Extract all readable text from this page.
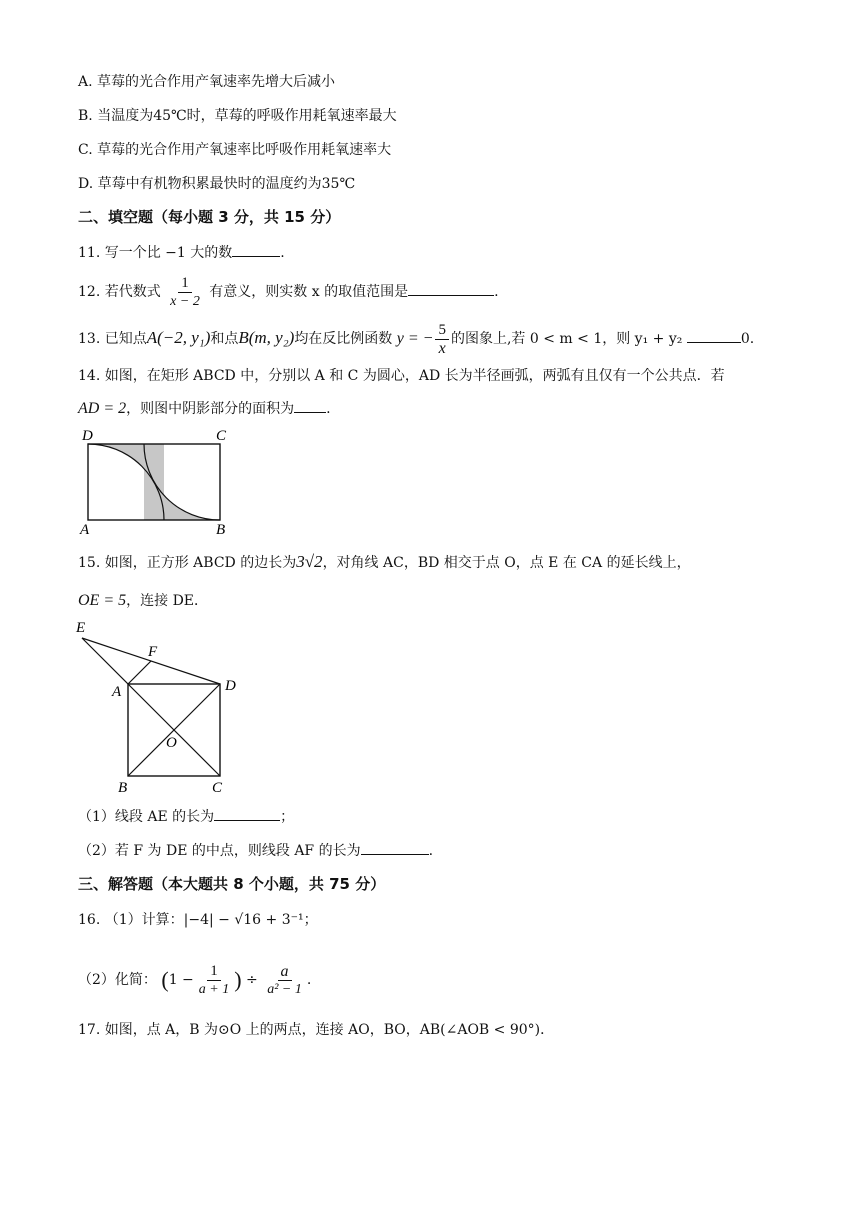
A. 草莓的光合作用产氧速率先增大后减小
B. 当温度为45℃时，草莓的呼吸作用耗氧速率最大
C. 草莓的光合作用产氧速率比呼吸作用耗氧速率大
D. 草莓中有机物积累最快时的温度约为35℃
二、填空题（每小题 3 分，共 15 分）
11. 写一个比 −1 大的数	.
12. 若代数式 $\frac{1}{x - 2}$ 有意义，则实数 x 的取值范围是	.
13. 已知点A(−2, y₁)和点B(m, y₂)均在反比例函数 y = − $\frac{5}{x}$ 的图象上,若 0 < m < 1，则 y₁ + y₂	0.
14. 如图，在矩形 ABCD 中，分别以 A 和 C 为圆心，AD 长为半径画弧，两弧有且仅有一个公共点．若
AD = 2，则图中阴影部分的面积为 .
D	C
A	B
15. 如图，正方形 ABCD 的边长为3√2，对角线 AC，BD 相交于点 O，点 E 在 CA 的延长线上，
OE = 5，连接 DE．
E
F
A	D
O
B	C
（1）线段 AE 的长为	；
（2）若 F 为 DE 的中点，则线段 AF 的长为	.
三、解答题（本大题共 8 个小题，共 75 分）
16. （1）计算：|−4| − √16 + 3⁻¹；
（2）化简： ($1 - \frac{1}{a + 1}$ ) ÷ $\frac{a}{\text{a² − 1}}$ .
17. 如图，点 A，B 为⊙O 上的两点，连接 AO，BO，AB(∠AOB < 90°)．
